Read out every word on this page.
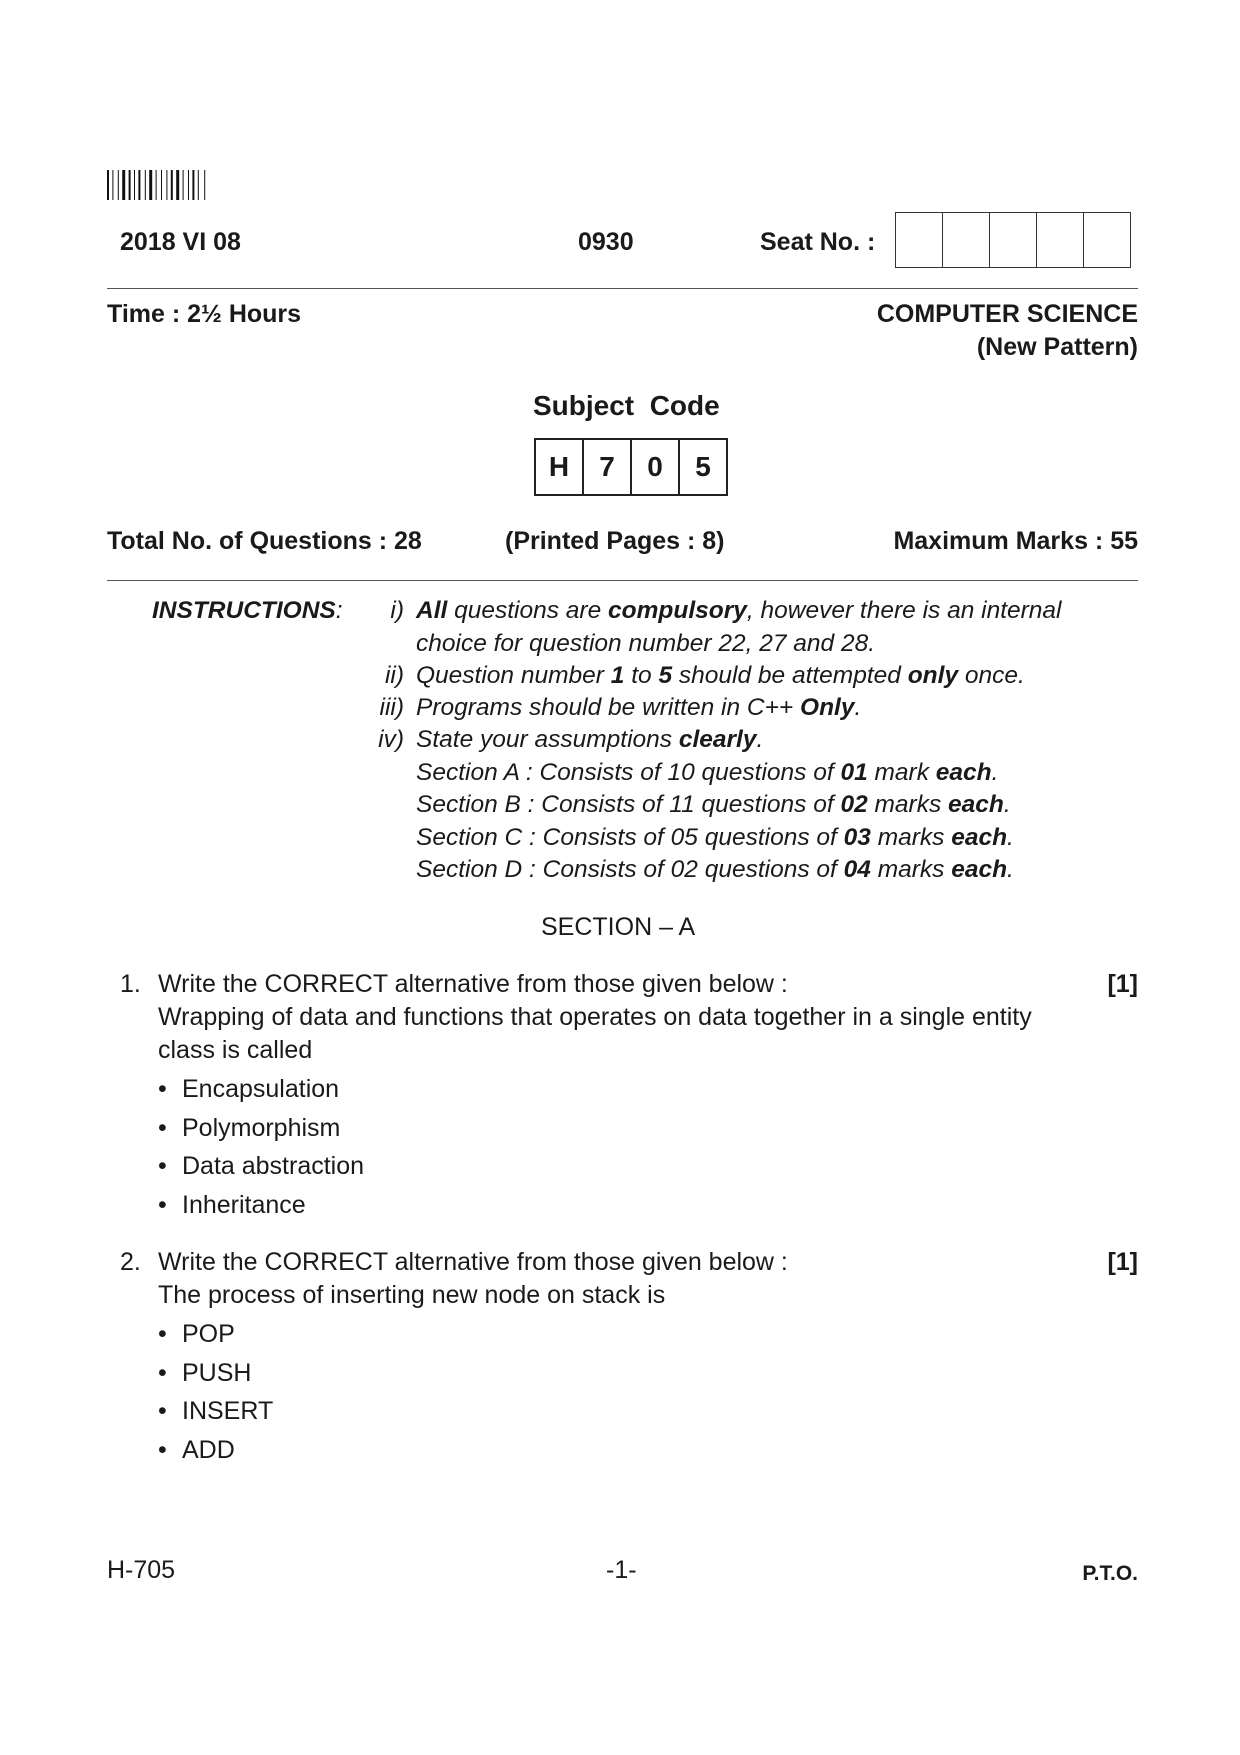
2018 VI 08	0930	Seat No. :
Time : 2½ Hours	COMPUTER SCIENCE
(New Pattern)
Subject  Code
H	7	0	5
Total No. of Questions : 28	(Printed Pages : 8)	Maximum Marks : 55
INSTRUCTIONS: i) All questions are compulsory, however there is an internal
choice for question number 22, 27 and 28.
ii) Question number 1 to 5 should be attempted only once.
iii) Programs should be written in C++ Only.
iv) State your assumptions clearly.
Section A : Consists of 10 questions of 01 mark each.
Section B : Consists of 11 questions of 02 marks each.
Section C : Consists of 05 questions of 03 marks each.
Section D : Consists of 02 questions of 04 marks each.
SECTION – A
1. Write the CORRECT alternative from those given below :	[1]
Wrapping of data and functions that operates on data together in a single entity
class is called
• Encapsulation
• Polymorphism
• Data abstraction
• Inheritance
2. Write the CORRECT alternative from those given below :	[1]
The process of inserting new node on stack is
• POP
• PUSH
• INSERT
• ADD
H-705	-1-	P.T.O.
